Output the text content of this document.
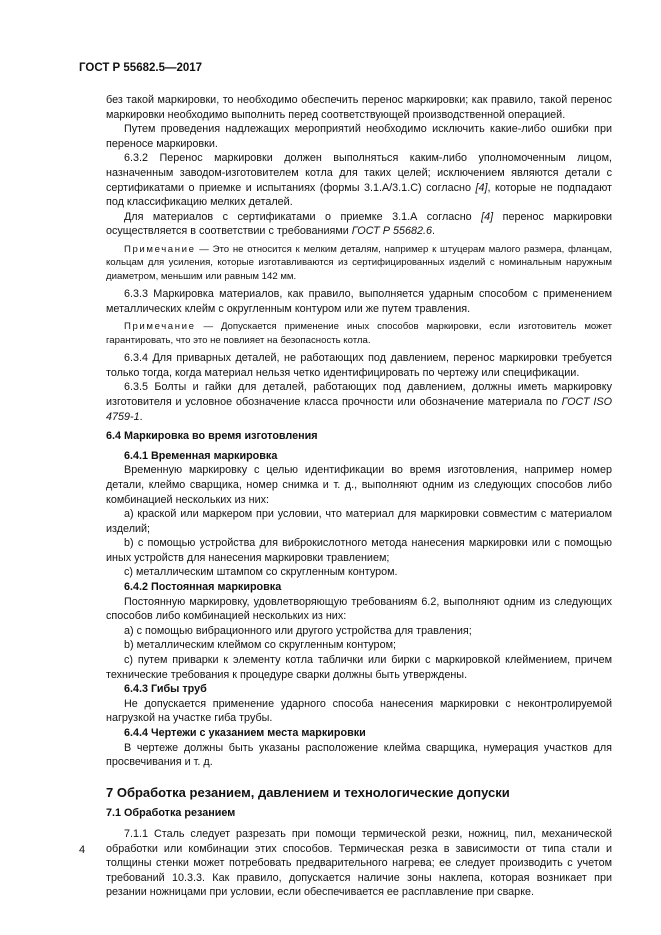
ГОСТ Р 55682.5—2017

без такой маркировки, то необходимо обеспечить перенос маркировки; как правило, такой перенос маркировки необходимо выполнить перед соответствующей производственной операцией.

Путем проведения надлежащих мероприятий необходимо исключить какие-либо ошибки при переносе маркировки.

6.3.2 Перенос маркировки должен выполняться каким-либо уполномоченным лицом, назначенным заводом-изготовителем котла для таких целей; исключением являются детали с сертификатами о приемке и испытаниях (формы 3.1.А/3.1.С) согласно [4], которые не подпадают под классификацию мелких деталей.

Для материалов с сертификатами о приемке 3.1.А согласно [4] перенос маркировки осуществляется в соответствии с требованиями ГОСТ Р 55682.6.

Примечание — Это не относится к мелким деталям, например к штуцерам малого размера, фланцам, кольцам для усиления, которые изготавливаются из сертифицированных изделий с номинальным наружным диаметром, меньшим или равным 142 мм.

6.3.3 Маркировка материалов, как правило, выполняется ударным способом с применением металлических клейм с округленным контуром или же путем травления.

Примечание — Допускается применение иных способов маркировки, если изготовитель может гарантировать, что это не повлияет на безопасность котла.

6.3.4 Для приварных деталей, не работающих под давлением, перенос маркировки требуется только тогда, когда материал нельзя четко идентифицировать по чертежу или спецификации.

6.3.5 Болты и гайки для деталей, работающих под давлением, должны иметь маркировку изготовителя и условное обозначение класса прочности или обозначение материала по ГОСТ ISO 4759-1.

6.4 Маркировка во время изготовления

6.4.1 Временная маркировка

Временную маркировку с целью идентификации во время изготовления, например номер детали, клеймо сварщика, номер снимка и т. д., выполняют одним из следующих способов либо комбинацией нескольких из них:

а) краской или маркером при условии, что материал для маркировки совместим с материалом изделий;

b) с помощью устройства для виброкислотного метода нанесения маркировки или с помощью иных устройств для нанесения маркировки травлением;

с) металлическим штампом со скругленным контуром.

6.4.2 Постоянная маркировка

Постоянную маркировку, удовлетворяющую требованиям 6.2, выполняют одним из следующих способов либо комбинацией нескольких из них:

а) с помощью вибрационного или другого устройства для травления;

b) металлическим клеймом со скругленным контуром;

с) путем приварки к элементу котла таблички или бирки с маркировкой клеймением, причем технические требования к процедуре сварки должны быть утверждены.

6.4.3 Гибы труб

Не допускается применение ударного способа нанесения маркировки с неконтролируемой нагрузкой на участке гиба трубы.

6.4.4 Чертежи с указанием места маркировки

В чертеже должны быть указаны расположение клейма сварщика, нумерация участков для просвечивания и т. д.

7 Обработка резанием, давлением и технологические допуски

7.1 Обработка резанием

7.1.1 Сталь следует разрезать при помощи термической резки, ножниц, пил, механической обработки или комбинации этих способов. Термическая резка в зависимости от типа стали и толщины стенки может потребовать предварительного нагрева; ее следует производить с учетом требований 10.3.3. Как правило, допускается наличие зоны наклепа, которая возникает при резании ножницами при условии, если обеспечивается ее расплавление при сварке.

4
